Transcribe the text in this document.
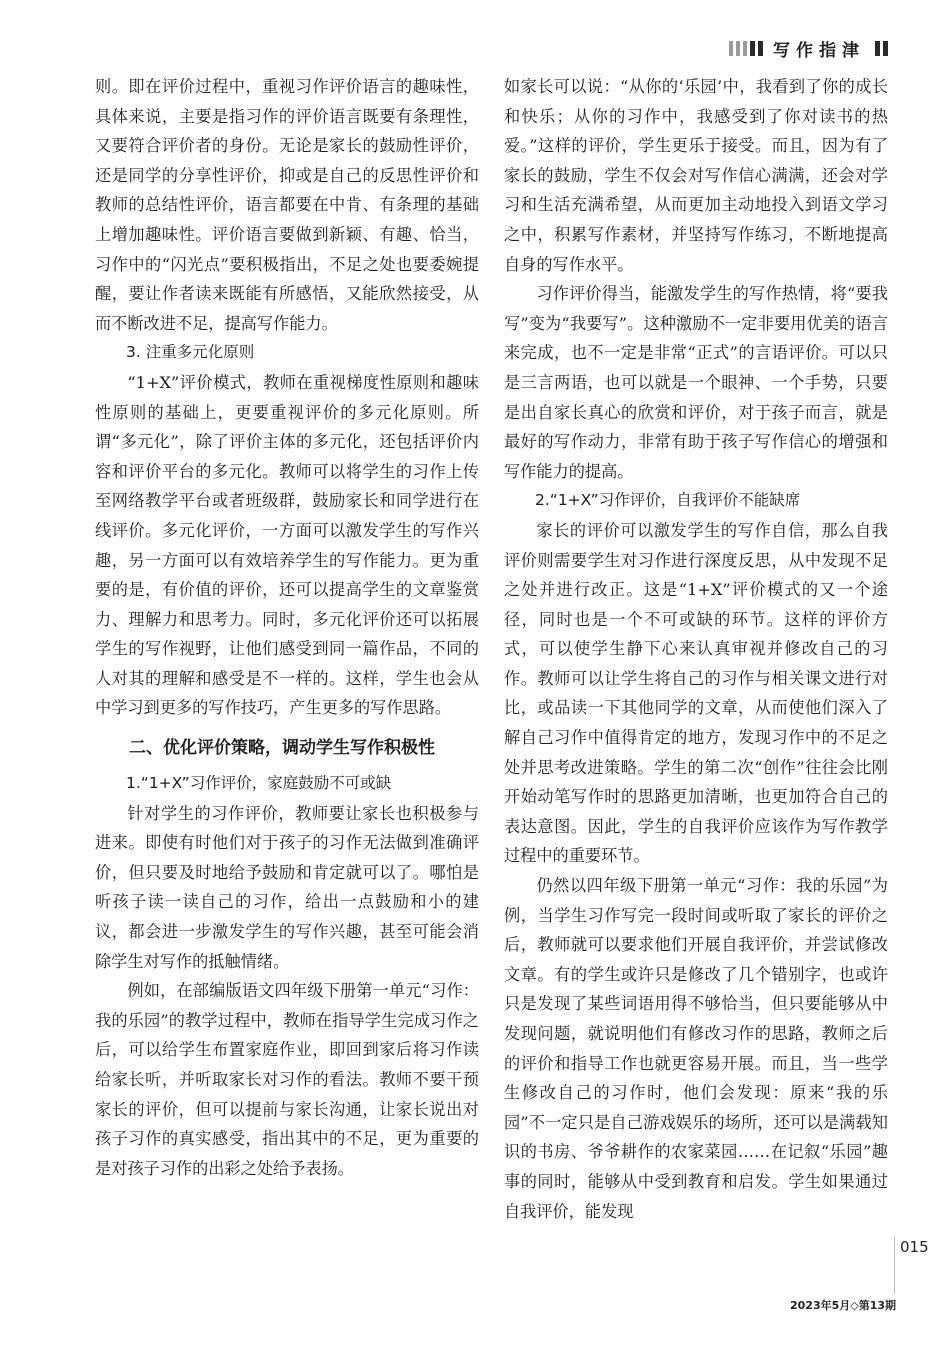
写作指津

则。即在评价过程中，重视习作评价语言的趣味性，具体来说，主要是指习作的评价语言既要有条理性，又要符合评价者的身份。无论是家长的鼓励性评价，还是同学的分享性评价，抑或是自己的反思性评价和教师的总结性评价，语言都要在中肯、有条理的基础上增加趣味性。评价语言要做到新颖、有趣、恰当，习作中的“闪光点”要积极指出，不足之处也要委婉提醒，要让作者读来既能有所感悟，又能欣然接受，从而不断改进不足，提高写作能力。

3. 注重多元化原则

“1+X”评价模式，教师在重视梯度性原则和趣味性原则的基础上，更要重视评价的多元化原则。所谓“多元化”，除了评价主体的多元化，还包括评价内容和评价平台的多元化。教师可以将学生的习作上传至网络教学平台或者班级群，鼓励家长和同学进行在线评价。多元化评价，一方面可以激发学生的写作兴趣，另一方面可以有效培养学生的写作能力。更为重要的是，有价值的评价，还可以提高学生的文章鉴赏力、理解力和思考力。同时，多元化评价还可以拓展学生的写作视野，让他们感受到同一篇作品，不同的人对其的理解和感受是不一样的。这样，学生也会从中学习到更多的写作技巧，产生更多的写作思路。

二、优化评价策略，调动学生写作积极性
1.“1+X”习作评价，家庭鼓励不可或缺

针对学生的习作评价，教师要让家长也积极参与进来。即使有时他们对于孩子的习作无法做到准确评价，但只要及时地给予鼓励和肯定就可以了。哪怕是听孩子读一读自己的习作，给出一点鼓励和小的建议，都会进一步激发学生的写作兴趣，甚至可能会消除学生对写作的抵触情绪。

例如，在部编版语文四年级下册第一单元“习作：我的乐园”的教学过程中，教师在指导学生完成习作之后，可以给学生布置家庭作业，即回到家后将习作读给家长听，并听取家长对习作的看法。教师不要干预家长的评价，但可以提前与家长沟通，让家长说出对孩子习作的真实感受，指出其中的不足，更为重要的是对孩子习作的出彩之处给予表扬。

如家长可以说：“从你的‘乐园’中，我看到了你的成长和快乐；从你的习作中，我感受到了你对读书的热爱。”这样的评价，学生更乐于接受。而且，因为有了家长的鼓励，学生不仅会对写作信心满满，还会对学习和生活充满希望，从而更加主动地投入到语文学习之中，积累写作素材，并坚持写作练习，不断地提高自身的写作水平。

习作评价得当，能激发学生的写作热情，将“要我写”变为“我要写”。这种激励不一定非要用优美的语言来完成，也不一定是非常“正式”的言语评价。可以只是三言两语，也可以就是一个眼神、一个手势，只要是出自家长真心的欣赏和评价，对于孩子而言，就是最好的写作动力，非常有助于孩子写作信心的增强和写作能力的提高。

2.“1+X”习作评价，自我评价不能缺席

家长的评价可以激发学生的写作自信，那么自我评价则需要学生对习作进行深度反思，从中发现不足之处并进行改正。这是“1+X”评价模式的又一个途径，同时也是一个不可或缺的环节。这样的评价方式，可以使学生静下心来认真审视并修改自己的习作。教师可以让学生将自己的习作与相关课文进行对比，或品读一下其他同学的文章，从而使他们深入了解自己习作中值得肯定的地方，发现习作中的不足之处并思考改进策略。学生的第二次“创作”往往会比刚开始动笔写作时的思路更加清晰，也更加符合自己的表达意图。因此，学生的自我评价应该作为写作教学过程中的重要环节。

仍然以四年级下册第一单元“习作：我的乐园”为例，当学生习作写完一段时间或听取了家长的评价之后，教师就可以要求他们开展自我评价，并尝试修改文章。有的学生或许只是修改了几个错别字，也或许只是发现了某些词语用得不够恰当，但只要能够从中发现问题，就说明他们有修改习作的思路，教师之后的评价和指导工作也就更容易开展。而且，当一些学生修改自己的习作时，他们会发现：原来“我的乐园”不一定只是自己游戏娱乐的场所，还可以是满载知识的书房、爷爷耕作的农家菜园……在记叙“乐园”趣事的同时，能够从中受到教育和启发。学生如果通过自我评价，能发现

015
2023年5月◇第13期
